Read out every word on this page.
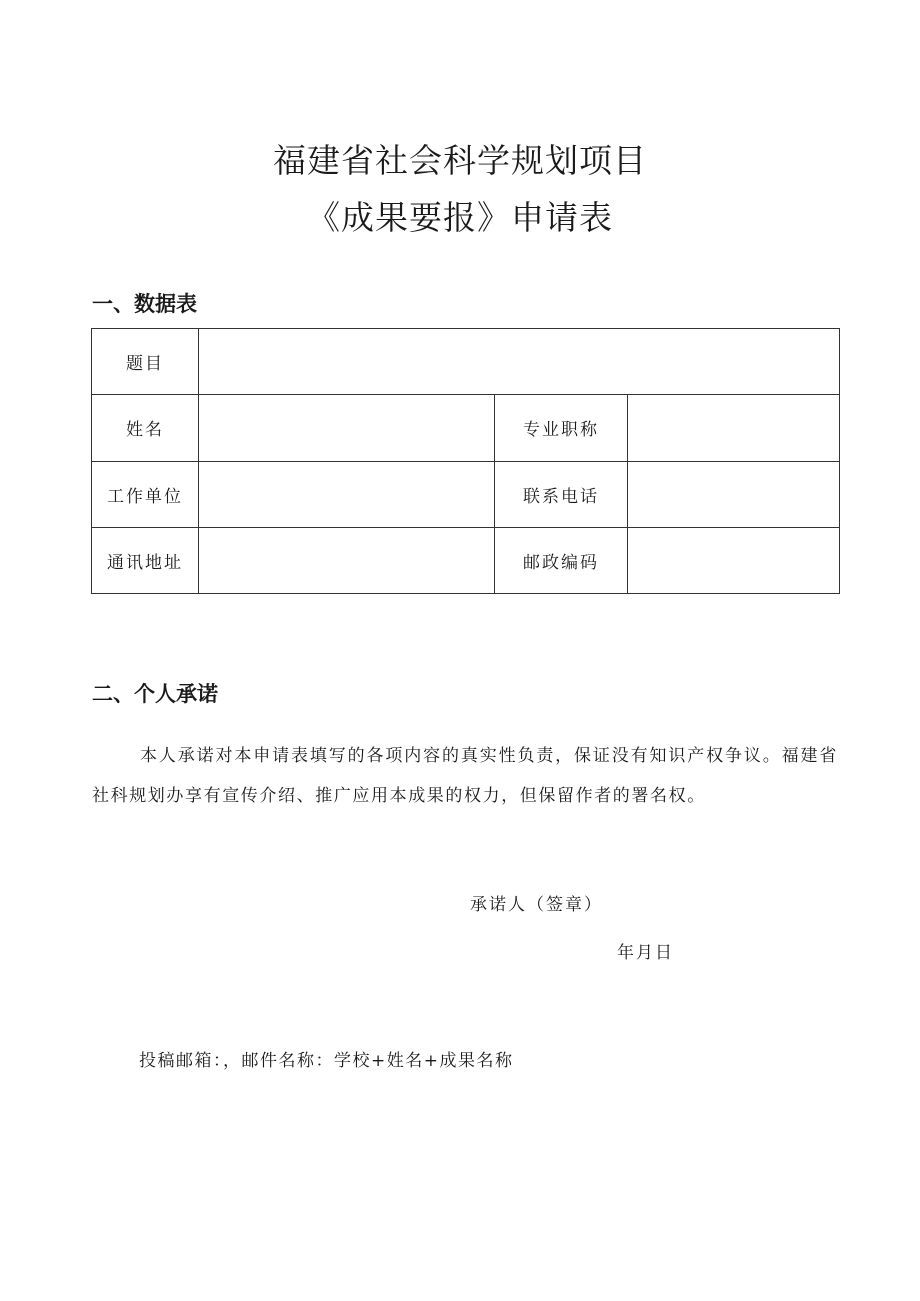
福建省社会科学规划项目
《成果要报》申请表
一、数据表
题目			
姓名		专业职称	
工作单位		联系电话	
通讯地址		邮政编码	
二、个人承诺
本人承诺对本申请表填写的各项内容的真实性负责，保证没有知识产权争议。福建省社科规划办享有宣传介绍、推广应用本成果的权力，但保留作者的署名权。
承诺人（签章）
年月日
投稿邮箱：，邮件名称：学校+姓名+成果名称
